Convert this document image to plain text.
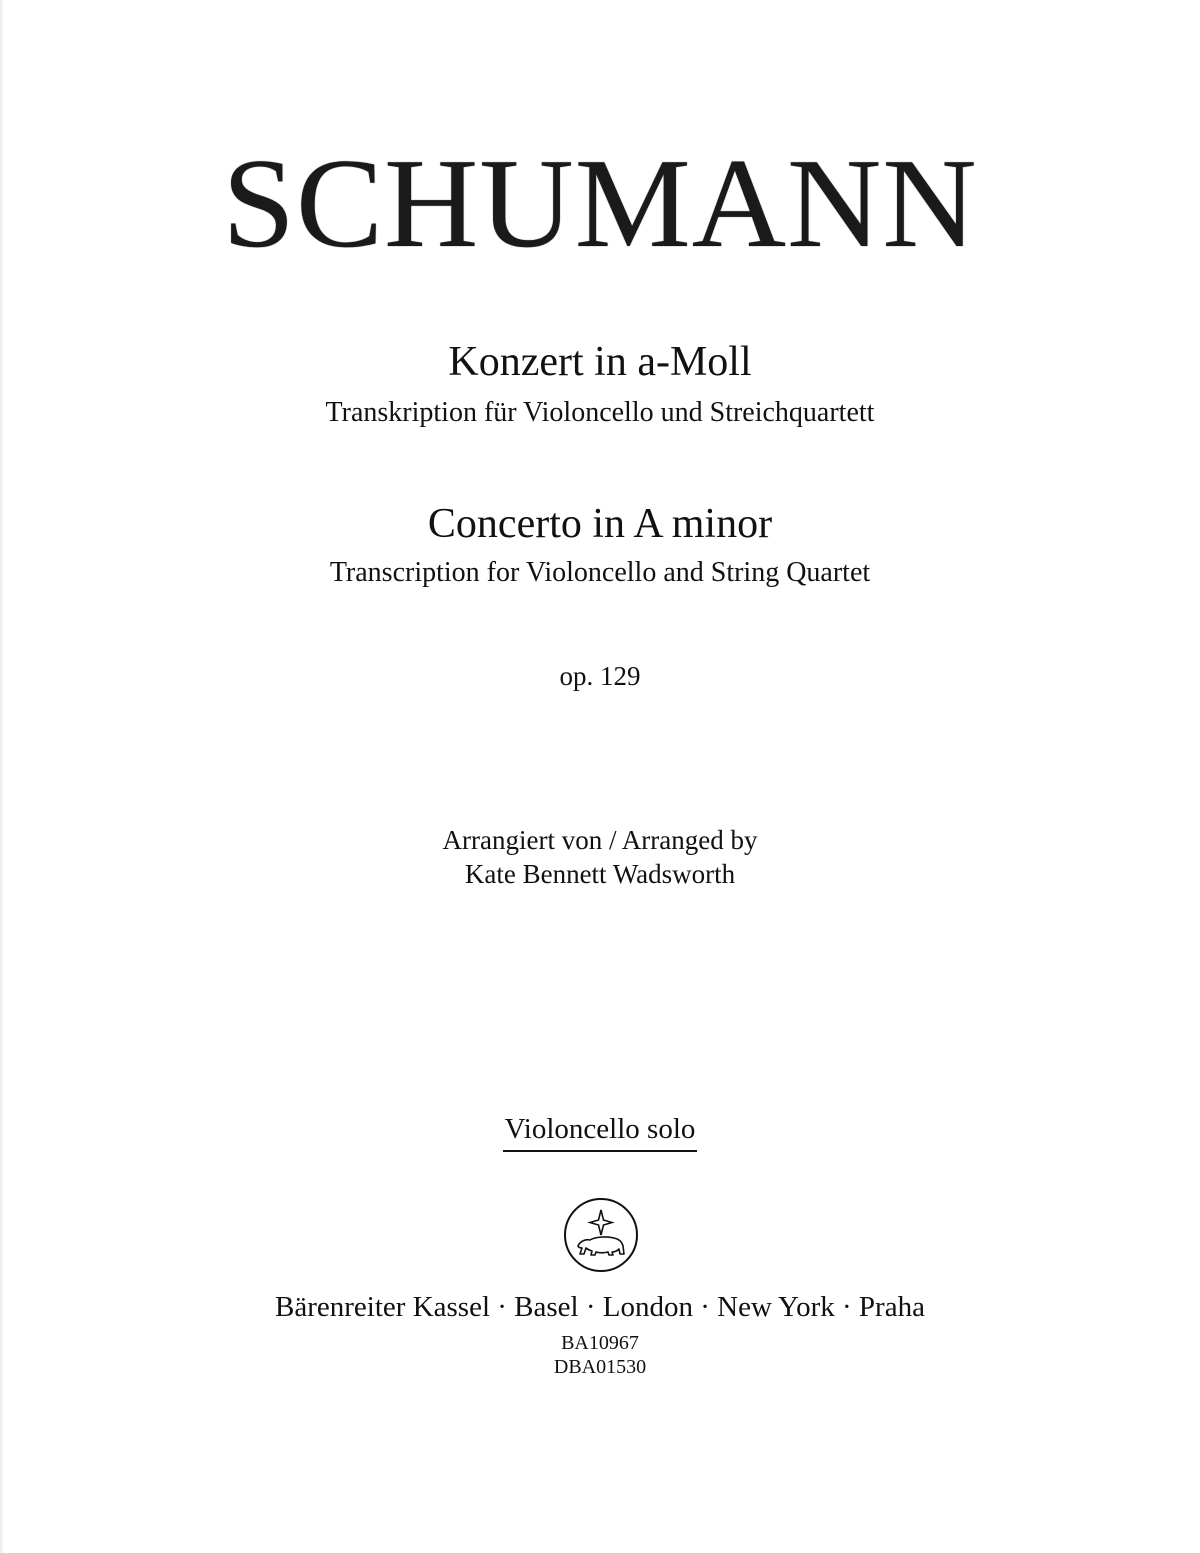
SCHUMANN
Konzert in a-Moll
Transkription für Violoncello und Streichquartett
Concerto in A minor
Transcription for Violoncello and String Quartet
op. 129
Arrangiert von / Arranged by
Kate Bennett Wadsworth
Violoncello solo
Bärenreiter Kassel · Basel · London · New York · Praha
BA10967
DBA01530
